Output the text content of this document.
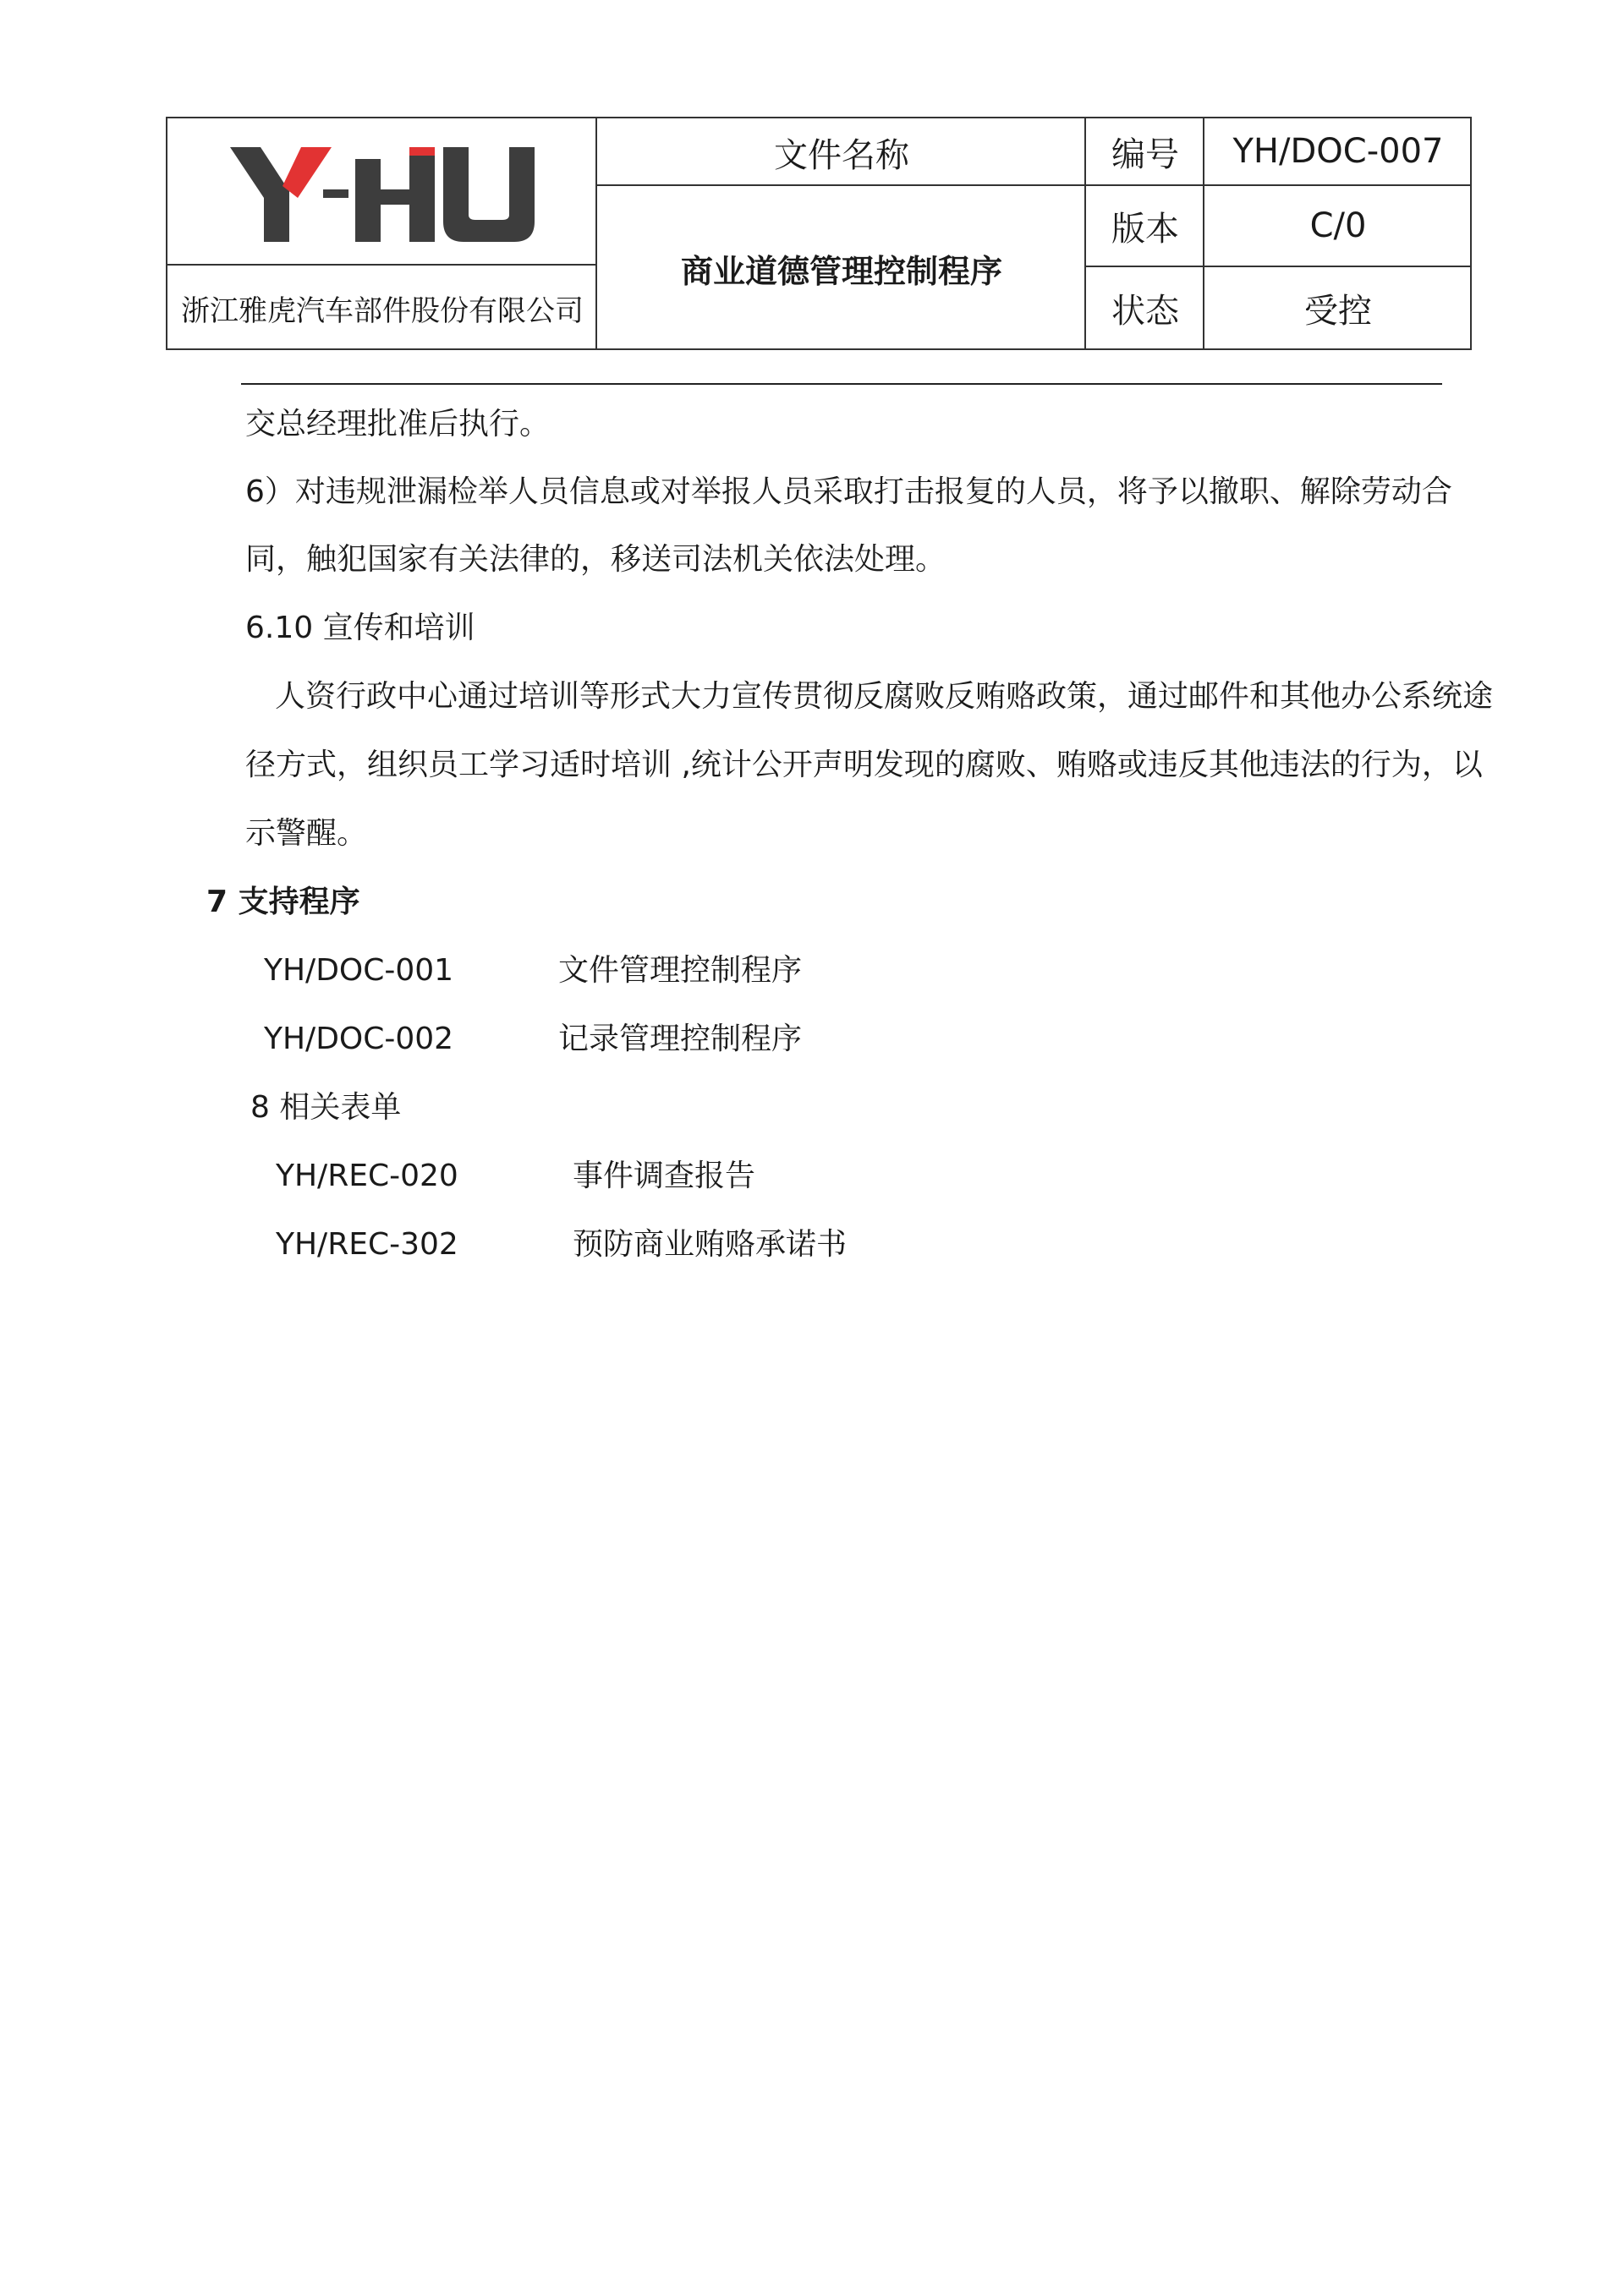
浙江雅虎汽车部件股份有限公司
文件名称
商业道德管理控制程序
编号	YH/DOC-007
版本	C/0
状态	受控
交总经理批准后执行。
6）对违规泄漏检举人员信息或对举报人员采取打击报复的人员，将予以撤职、解除劳动合
同，触犯国家有关法律的，移送司法机关依法处理。
6.10 宣传和培训
人资行政中心通过培训等形式大力宣传贯彻反腐败反贿赂政策，通过邮件和其他办公系统途
径方式，组织员工学习适时培训 ,统计公开声明发现的腐败、贿赂或违反其他违法的行为，以
示警醒。
7 支持程序
YH/DOC-001	文件管理控制程序
YH/DOC-002	记录管理控制程序
8 相关表单
YH/REC-020	事件调查报告
YH/REC-302	预防商业贿赂承诺书
